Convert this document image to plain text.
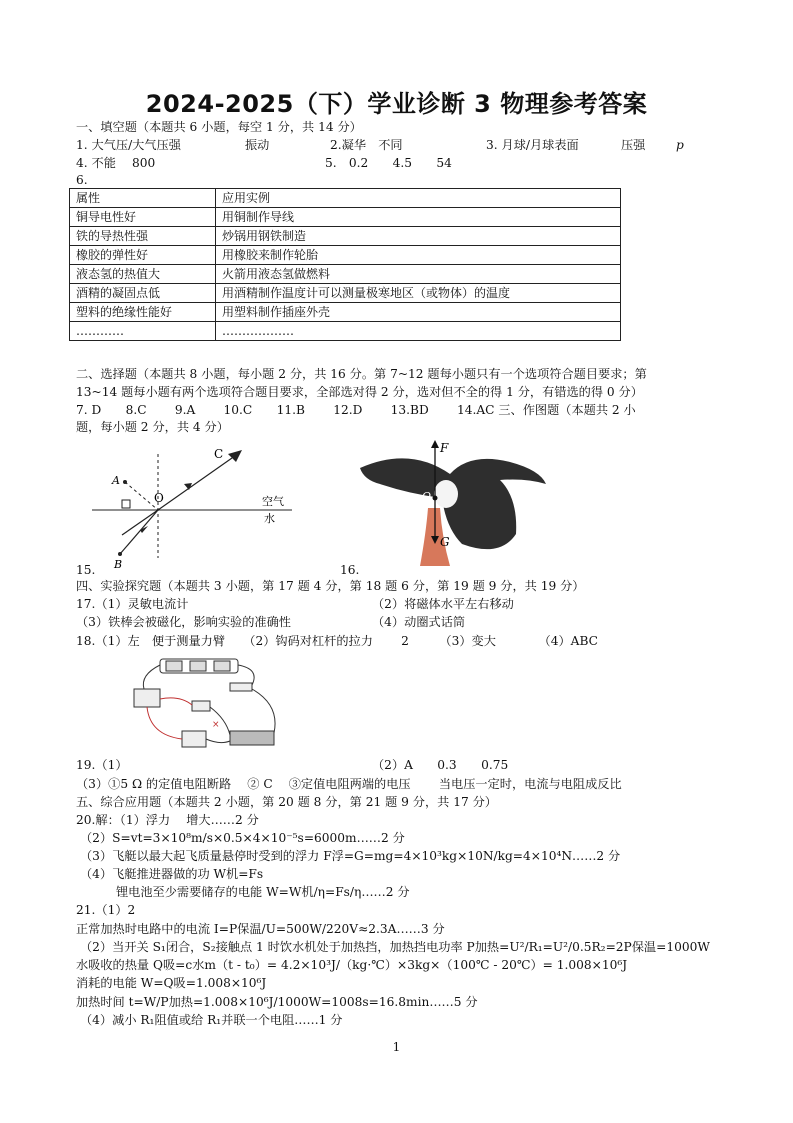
2024-2025（下）学业诊断 3 物理参考答案
一、填空题（本题共 6 小题，每空 1 分，共 14 分）
1. 大气压/大气压强	振动	2.凝华　不同	3. 月球/月球表面	压强	p
4. 不能　 800	5.　0.2　　4.5　　54
6.
属性	应用实例
铜导电性好	用铜制作导线
铁的导热性强	炒锅用钢铁制造
橡胶的弹性好	用橡胶来制作轮胎
液态氢的热值大	火箭用液态氢做燃料
酒精的凝固点低	用酒精制作温度计可以测量极寒地区（或物体）的温度
塑料的绝缘性能好	用塑料制作插座外壳
…………	………………
二、选择题（本题共 8 小题，每小题 2 分，共 16 分。第 7~12 题每小题只有一个选项符合题目要求；第
13~14 题每小题有两个选项符合题目要求，全部选对得 2 分，选对但不全的得 1 分，有错选的得 0 分）
7. D　　8.C　　 9.A　　 10.C　　11.B　　 12.D　　 13.BD　　 14.AC 三、作图题（本题共 2 小
题，每小题 2 分，共 4 分）
C
A
O
B
空气
水
15.
F
O
G
16.
四、实验探究题（本题共 3 小题，第 17 题 4 分，第 18 题 6 分，第 19 题 9 分，共 19 分）
17.（1）灵敏电流计	（2）将磁体水平左右移动
（3）铁棒会被磁化，影响实验的准确性	（4）动圈式话筒
18.（1）左　便于测量力臂　　（2）钩码对杠杆的拉力　　 2　　　（3）变大　　　　（4）ABC
×
19.（1）	（2）A　　0.3　　0.75
（3）①5 Ω 的定值电阻断路　 ② C　 ③定值电阻两端的电压　　 当电压一定时，电流与电阻成反比
五、综合应用题（本题共 2 小题，第 20 题 8 分，第 21 题 9 分，共 17 分）
20.解：（1）浮力　 增大……2 分
（2）S=vt=3×10⁸m/s×0.5×4×10⁻⁵s=6000m……2 分
（3）飞艇以最大起飞质量悬停时受到的浮力 F浮=G=mg=4×10³kg×10N/kg=4×10⁴N……2 分
（4）飞艇推进器做的功 W机=Fs
锂电池至少需要储存的电能 W=W机/η=Fs/η……2 分
21.（1）2
正常加热时电路中的电流 I=P保温/U=500W/220V≈2.3A……3 分
（2）当开关 S₁闭合，S₂接触点 1 时饮水机处于加热挡，加热挡电功率 P加热=U²/R₁=U²/0.5R₂=2P保温=1000W
水吸收的热量 Q吸=c水m（t - t₀）= 4.2×10³J/（kg·℃）×3kg×（100℃ - 20℃）= 1.008×10⁶J
消耗的电能 W=Q吸=1.008×10⁶J
加热时间 t=W/P加热=1.008×10⁶J/1000W=1008s=16.8min……5 分
（4）减小 R₁阻值或给 R₁并联一个电阻……1 分
1
